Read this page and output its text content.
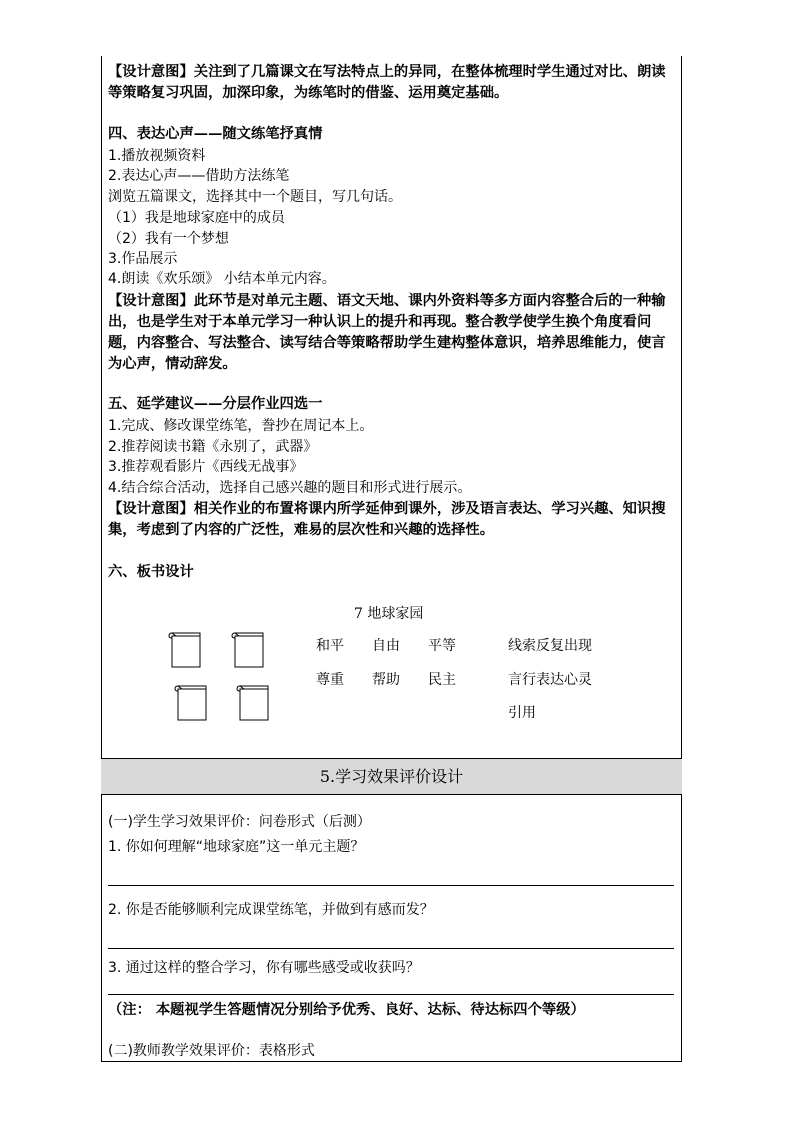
【设计意图】关注到了几篇课文在写法特点上的异同，在整体梳理时学生通过对比、朗读等策略复习巩固，加深印象，为练笔时的借鉴、运用奠定基础。
四、表达心声——随文练笔抒真情
1.播放视频资料
2.表达心声——借助方法练笔
浏览五篇课文，选择其中一个题目，写几句话。
（1）我是地球家庭中的成员
（2）我有一个梦想
3.作品展示
4.朗读《欢乐颂》 小结本单元内容。
【设计意图】此环节是对单元主题、语文天地、课内外资料等多方面内容整合后的一种输出，也是学生对于本单元学习一种认识上的提升和再现。整合教学使学生换个角度看问题，内容整合、写法整合、读写结合等策略帮助学生建构整体意识，培养思维能力，使言为心声，情动辞发。
五、延学建议——分层作业四选一
1.完成、修改课堂练笔，誊抄在周记本上。
2.推荐阅读书籍《永别了，武器》
3.推荐观看影片《西线无战事》
4.结合综合活动，选择自己感兴趣的题目和形式进行展示。
【设计意图】相关作业的布置将课内所学延伸到课外，涉及语言表达、学习兴趣、知识搜集，考虑到了内容的广泛性，难易的层次性和兴趣的选择性。
六、板书设计
7 地球家园
和平 自由 平等
尊重 帮助 民主
线索反复出现
言行表达心灵
引用
5.学习效果评价设计
(一)学生学习效果评价：问卷形式（后测）
1. 你如何理解“地球家庭”这一单元主题？
2. 你是否能够顺利完成课堂练笔，并做到有感而发？
3. 通过这样的整合学习，你有哪些感受或收获吗？
（注： 本题视学生答题情况分别给予优秀、良好、达标、待达标四个等级）
(二)教师教学效果评价：表格形式
